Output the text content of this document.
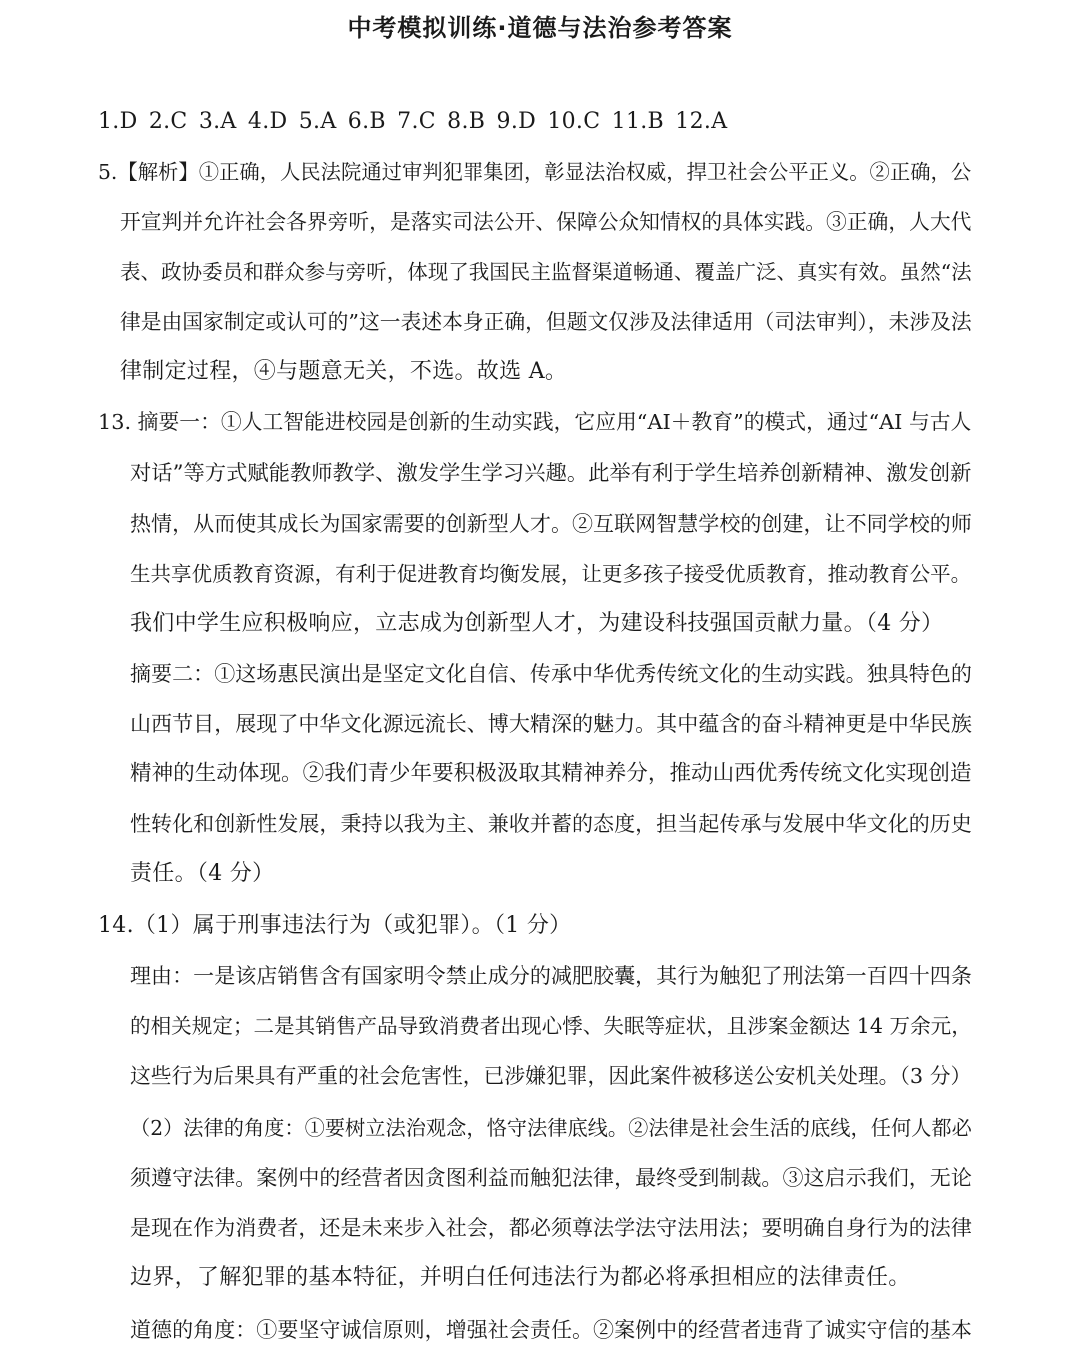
中考模拟训练·道德与法治参考答案
1.D 2.C 3.A 4.D 5.A 6.B 7.C 8.B 9.D 10.C 11.B 12.A
5.【解析】①正确，人民法院通过审判犯罪集团，彰显法治权威，捍卫社会公平正义。②正确，公
开宣判并允许社会各界旁听，是落实司法公开、保障公众知情权的具体实践。③正确，人大代
表、政协委员和群众参与旁听，体现了我国民主监督渠道畅通、覆盖广泛、真实有效。虽然“法
律是由国家制定或认可的”这一表述本身正确，但题文仅涉及法律适用（司法审判），未涉及法
律制定过程，④与题意无关，不选。故选 A。
13. 摘要一：①人工智能进校园是创新的生动实践，它应用“AI＋教育”的模式，通过“AI 与古人
对话”等方式赋能教师教学、激发学生学习兴趣。此举有利于学生培养创新精神、激发创新
热情，从而使其成长为国家需要的创新型人才。②互联网智慧学校的创建，让不同学校的师
生共享优质教育资源，有利于促进教育均衡发展，让更多孩子接受优质教育，推动教育公平。
我们中学生应积极响应，立志成为创新型人才，为建设科技强国贡献力量。（4 分）
摘要二：①这场惠民演出是坚定文化自信、传承中华优秀传统文化的生动实践。独具特色的
山西节目，展现了中华文化源远流长、博大精深的魅力。其中蕴含的奋斗精神更是中华民族
精神的生动体现。②我们青少年要积极汲取其精神养分，推动山西优秀传统文化实现创造
性转化和创新性发展，秉持以我为主、兼收并蓄的态度，担当起传承与发展中华文化的历史
责任。（4 分）
14.（1）属于刑事违法行为（或犯罪）。（1 分）
理由：一是该店销售含有国家明令禁止成分的减肥胶囊，其行为触犯了刑法第一百四十四条
的相关规定；二是其销售产品导致消费者出现心悸、失眠等症状，且涉案金额达 14 万余元，
这些行为后果具有严重的社会危害性，已涉嫌犯罪，因此案件被移送公安机关处理。（3 分）
（2）法律的角度：①要树立法治观念，恪守法律底线。②法律是社会生活的底线，任何人都必
须遵守法律。案例中的经营者因贪图利益而触犯法律，最终受到制裁。③这启示我们，无论
是现在作为消费者，还是未来步入社会，都必须尊法学法守法用法；要明确自身行为的法律
边界，了解犯罪的基本特征，并明白任何违法行为都必将承担相应的法律责任。
道德的角度：①要坚守诚信原则，增强社会责任。②案例中的经营者违背了诚实守信的基本
